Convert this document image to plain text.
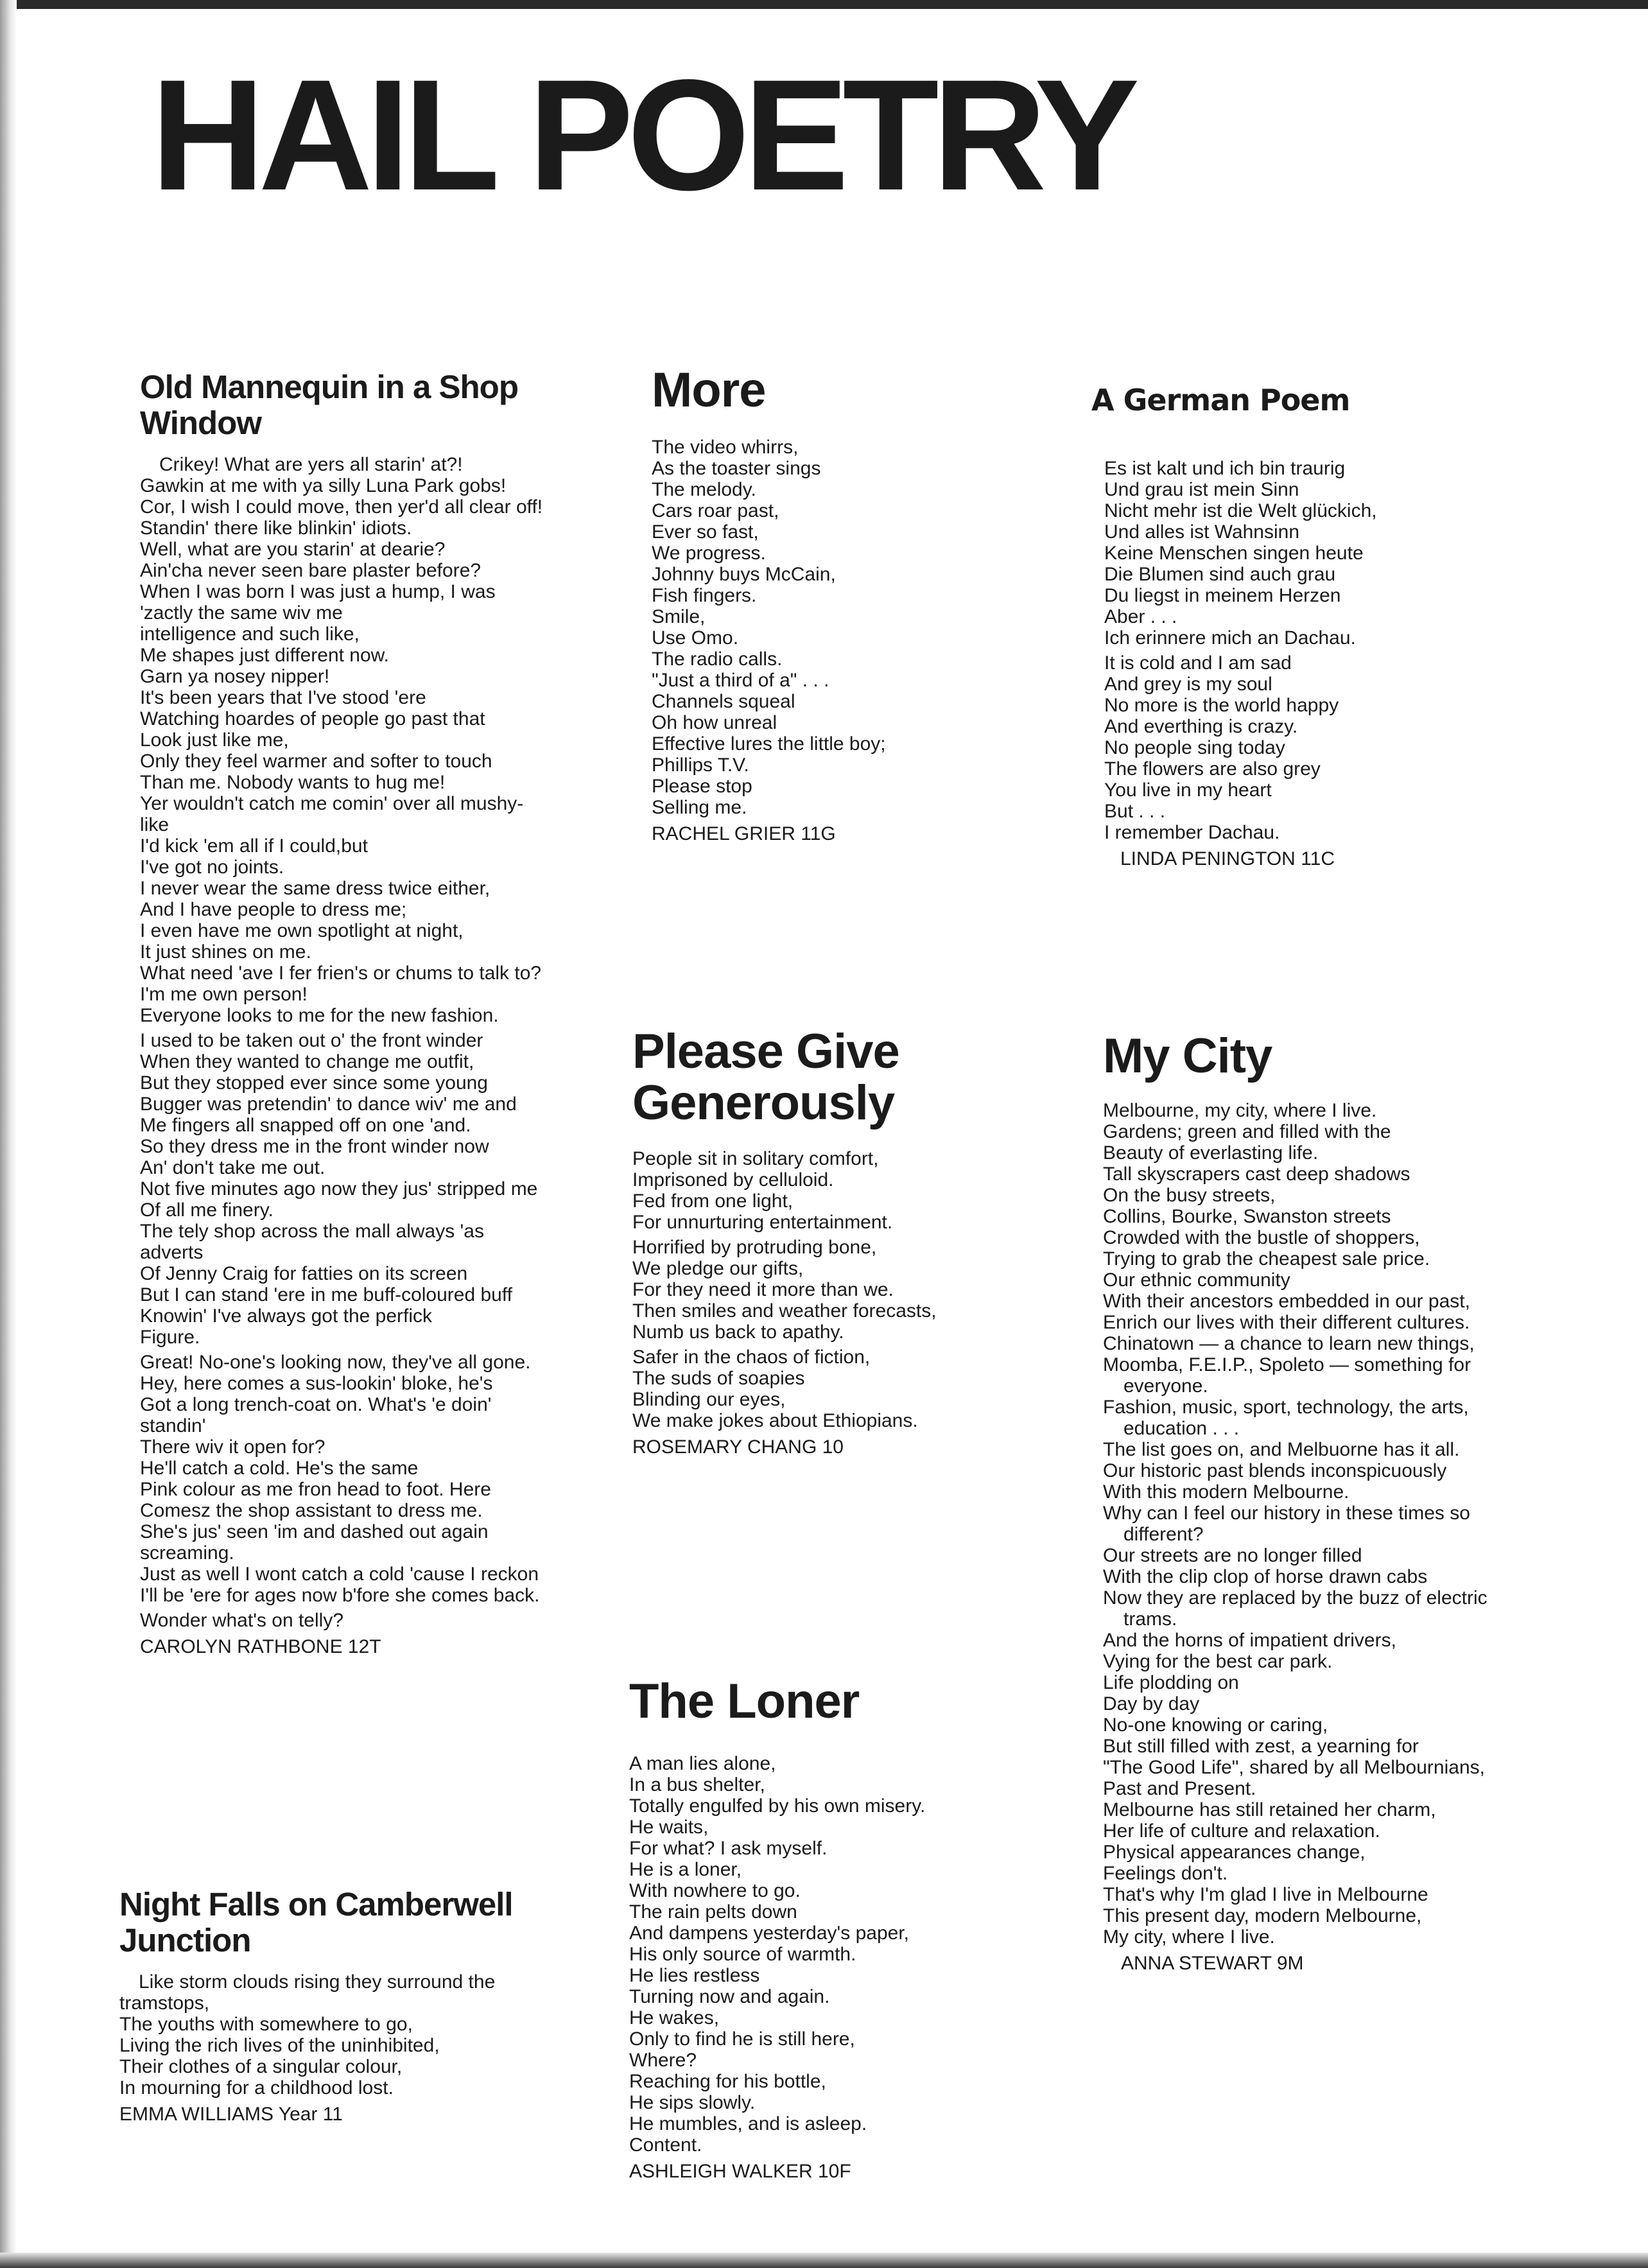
HAIL POETRY
Old Mannequin in a Shop Window
Crikey! What are yers all starin' at?!
Gawkin at me with ya silly Luna Park gobs!
Cor, I wish I could move, then yer'd all clear off!
Standin' there like blinkin' idiots.
Well, what are you starin' at dearie?
Ain'cha never seen bare plaster before?
When I was born I was just a hump, I was
'zactly the same wiv me
intelligence and such like,
Me shapes just different now.
Garn ya nosey nipper!
It's been years that I've stood 'ere
Watching hoardes of people go past that
Look just like me,
Only they feel warmer and softer to touch
Than me. Nobody wants to hug me!
Yer wouldn't catch me comin' over all mushy-
like
I'd kick 'em all if I could,but
I've got no joints.
I never wear the same dress twice either,
And I have people to dress me;
I even have me own spotlight at night,
It just shines on me.
What need 'ave I fer frien's or chums to talk to?
I'm me own person!
Everyone looks to me for the new fashion.
I used to be taken out o' the front winder
When they wanted to change me outfit,
But they stopped ever since some young
Bugger was pretendin' to dance wiv' me and
Me fingers all snapped off on one 'and.
So they dress me in the front winder now
An' don't take me out.
Not five minutes ago now they jus' stripped me
Of all me finery.
The tely shop across the mall always 'as
adverts
Of Jenny Craig for fatties on its screen
But I can stand 'ere in me buff-coloured buff
Knowin' I've always got the perfick
Figure.
Great! No-one's looking now, they've all gone.
Hey, here comes a sus-lookin' bloke, he's
Got a long trench-coat on. What's 'e doin'
standin'
There wiv it open for?
He'll catch a cold. He's the same
Pink colour as me fron head to foot. Here
Comesz the shop assistant to dress me.
She's jus' seen 'im and dashed out again
screaming.
Just as well I wont catch a cold 'cause I reckon
I'll be 'ere for ages now b'fore she comes back.
Wonder what's on telly?
CAROLYN RATHBONE 12T
Night Falls on Camberwell Junction
Like storm clouds rising they surround the
tramstops,
The youths with somewhere to go,
Living the rich lives of the uninhibited,
Their clothes of a singular colour,
In mourning for a childhood lost.
EMMA WILLIAMS Year 11
More
The video whirrs,
As the toaster sings
The melody.
Cars roar past,
Ever so fast,
We progress.
Johnny buys McCain,
Fish fingers.
Smile,
Use Omo.
The radio calls.
"Just a third of a" . . .
Channels squeal
Oh how unreal
Effective lures the little boy;
Phillips T.V.
Please stop
Selling me.
RACHEL GRIER 11G
Please Give Generously
People sit in solitary comfort,
Imprisoned by celluloid.
Fed from one light,
For unnurturing entertainment.
Horrified by protruding bone,
We pledge our gifts,
For they need it more than we.
Then smiles and weather forecasts,
Numb us back to apathy.
Safer in the chaos of fiction,
The suds of soapies
Blinding our eyes,
We make jokes about Ethiopians.
ROSEMARY CHANG 10
The Loner
A man lies alone,
In a bus shelter,
Totally engulfed by his own misery.
He waits,
For what? I ask myself.
He is a loner,
With nowhere to go.
The rain pelts down
And dampens yesterday's paper,
His only source of warmth.
He lies restless
Turning now and again.
He wakes,
Only to find he is still here,
Where?
Reaching for his bottle,
He sips slowly.
He mumbles, and is asleep.
Content.
ASHLEIGH WALKER 10F
A German Poem
Es ist kalt und ich bin traurig
Und grau ist mein Sinn
Nicht mehr ist die Welt glückich,
Und alles ist Wahnsinn
Keine Menschen singen heute
Die Blumen sind auch grau
Du liegst in meinem Herzen
Aber . . .
Ich erinnere mich an Dachau.
It is cold and I am sad
And grey is my soul
No more is the world happy
And everthing is crazy.
No people sing today
The flowers are also grey
You live in my heart
But . . .
I remember Dachau.
LINDA PENINGTON 11C
My City
Melbourne, my city, where I live.
Gardens; green and filled with the
Beauty of everlasting life.
Tall skyscrapers cast deep shadows
On the busy streets,
Collins, Bourke, Swanston streets
Crowded with the bustle of shoppers,
Trying to grab the cheapest sale price.
Our ethnic community
With their ancestors embedded in our past,
Enrich our lives with their different cultures.
Chinatown — a chance to learn new things,
Moomba, F.E.I.P., Spoleto — something for
everyone.
Fashion, music, sport, technology, the arts,
education . . .
The list goes on, and Melbuorne has it all.
Our historic past blends inconspicuously
With this modern Melbourne.
Why can I feel our history in these times so
different?
Our streets are no longer filled
With the clip clop of horse drawn cabs
Now they are replaced by the buzz of electric
trams.
And the horns of impatient drivers,
Vying for the best car park.
Life plodding on
Day by day
No-one knowing or caring,
But still filled with zest, a yearning for
"The Good Life", shared by all Melbournians,
Past and Present.
Melbourne has still retained her charm,
Her life of culture and relaxation.
Physical appearances change,
Feelings don't.
That's why I'm glad I live in Melbourne
This present day, modern Melbourne,
My city, where I live.
ANNA STEWART 9M
